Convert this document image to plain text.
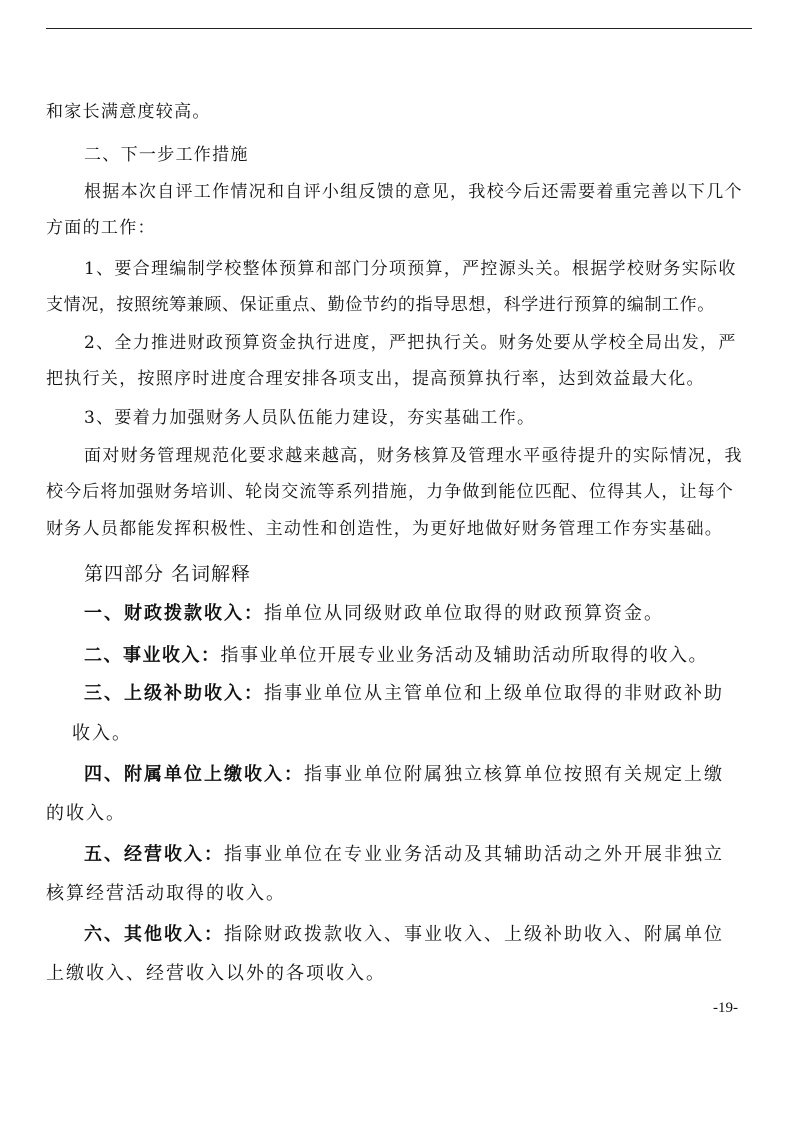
和家长满意度较高。
二、下一步工作措施
根据本次自评工作情况和自评小组反馈的意见，我校今后还需要着重完善以下几个
方面的工作：
1、要合理编制学校整体预算和部门分项预算，严控源头关。根据学校财务实际收
支情况，按照统筹兼顾、保证重点、勤俭节约的指导思想，科学进行预算的编制工作。
2、全力推进财政预算资金执行进度，严把执行关。财务处要从学校全局出发，严
把执行关，按照序时进度合理安排各项支出，提高预算执行率，达到效益最大化。
3、要着力加强财务人员队伍能力建设，夯实基础工作。
面对财务管理规范化要求越来越高，财务核算及管理水平亟待提升的实际情况，我
校今后将加强财务培训、轮岗交流等系列措施，力争做到能位匹配、位得其人，让每个
财务人员都能发挥积极性、主动性和创造性，为更好地做好财务管理工作夯实基础。
第四部分 名词解释
一、财政拨款收入：指单位从同级财政单位取得的财政预算资金。
二、事业收入：指事业单位开展专业业务活动及辅助活动所取得的收入。
三、上级补助收入：指事业单位从主管单位和上级单位取得的非财政补助
收入。
四、附属单位上缴收入：指事业单位附属独立核算单位按照有关规定上缴
的收入。
五、经营收入：指事业单位在专业业务活动及其辅助活动之外开展非独立
核算经营活动取得的收入。
六、其他收入：指除财政拨款收入、事业收入、上级补助收入、附属单位
上缴收入、经营收入以外的各项收入。
-19-
